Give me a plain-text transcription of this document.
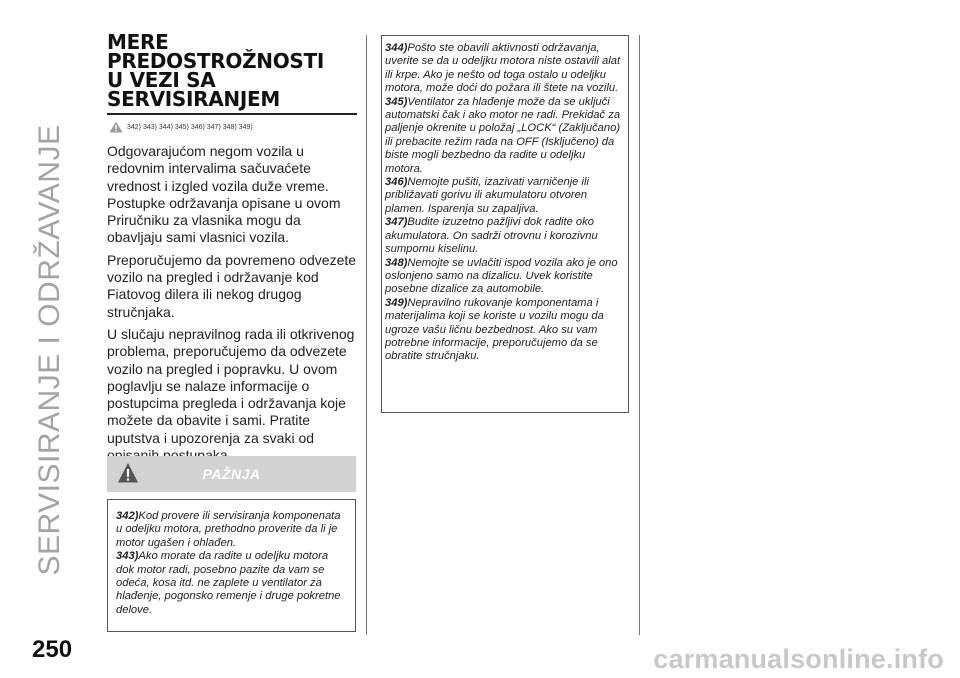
SERVISIRANJE I ODRŽAVANJE
MERE
PREDOSTROŽNOSTI
U VEZI SA
SERVISIRANJEM
342) 343) 344) 345) 346) 347) 348) 349)

Odgovarajućom negom vozila u redovnim intervalima sačuvaćete vrednost i izgled vozila duže vreme. Postupke održavanja opisane u ovom Priručniku za vlasnika mogu da obavljaju sami vlasnici vozila.

Preporučujemo da povremeno odvezete vozilo na pregled i održavanje kod Fiatovog dilera ili nekog drugog stručnjaka.

U slučaju nepravilnog rada ili otkrivenog problema, preporučujemo da odvezete vozilo na pregled i popravku. U ovom poglavlju se nalaze informacije o postupcima pregleda i održavanja koje možete da obavite i sami. Pratite uputstva i upozorenja za svaki od

PAŽNJA
342)Kod provere ili servisiranja komponenata u odeljku motora, prethodno proverite da li je motor ugašen i ohlađen.
343)Ako morate da radite u odeljku motora dok motor radi, posebno pazite da vam se odeća, kosa itd. ne zaplete u ventilator za hlađenje, pogonsko remenje i druge pokretne delove.
344)Pošto ste obavili aktivnosti održavanja, uverite se da u odeljku motora niste ostavili alat ili krpe. Ako je nešto od toga ostalo u odeljku motora, može doći do požara ili štete na vozilu.
345)Ventilator za hlađenje može da se uključi automatski čak i ako motor ne radi. Prekidač za paljenje okrenite u položaj „LOCK“ (Zaključano) ili prebacite režim rada na OFF (Isključeno) da biste mogli bezbedno da radite u odeljku motora.
346)Nemojte pušiti, izazivati varničenje ili približavati gorivu ili akumulatoru otvoren plamen. Isparenja su zapaljiva.
347)Budite izuzetno pažljivi dok radite oko akumulatora. On sadrži otrovnu i korozivnu sumpornu kiselinu.
348)Nemojte se uvlačiti ispod vozila ako je ono oslonjeno samo na dizalicu. Uvek koristite posebne dizalice za automobile.
349)Nepravilno rukovanje komponentama i materijalima koji se koriste u vozilu mogu da ugroze vašu ličnu bezbednost. Ako su vam potrebne informacije, preporučujemo da se obratite stručnjaku.
250	carmanualsonline.info
